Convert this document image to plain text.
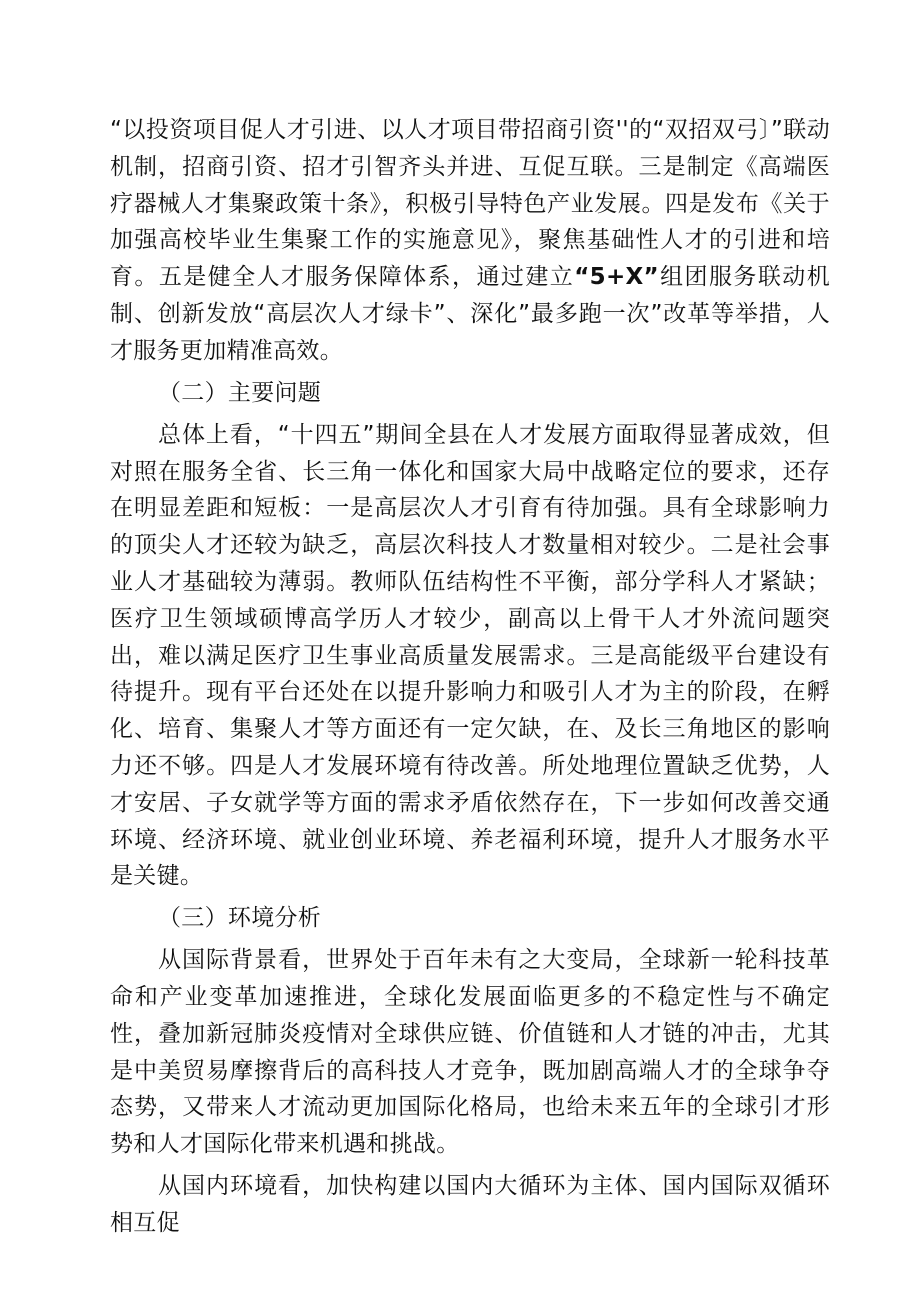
“以投资项目促人才引进、以人才项目带招商引资''的“双招双弓〕”联动机制，招商引资、招才引智齐头并进、互促互联。三是制定《高端医疗器械人才集聚政策十条》，积极引导特色产业发展。四是发布《关于加强高校毕业生集聚工作的实施意见》，聚焦基础性人才的引进和培育。五是健全人才服务保障体系，通过建立“5+X”组团服务联动机制、创新发放“高层次人才绿卡”、深化”最多跑一次”改革等举措，人才服务更加精准高效。

（二）主要问题

总体上看，“十四五”期间全县在人才发展方面取得显著成效，但对照在服务全省、长三角一体化和国家大局中战略定位的要求，还存在明显差距和短板：一是高层次人才引育有待加强。具有全球影响力的顶尖人才还较为缺乏，高层次科技人才数量相对较少。二是社会事业人才基础较为薄弱。教师队伍结构性不平衡，部分学科人才紧缺；医疗卫生领域硕博高学历人才较少，副高以上骨干人才外流问题突出，难以满足医疗卫生事业高质量发展需求。三是高能级平台建设有待提升。现有平台还处在以提升影响力和吸引人才为主的阶段，在孵化、培育、集聚人才等方面还有一定欠缺，在、及长三角地区的影响力还不够。四是人才发展环境有待改善。所处地理位置缺乏优势，人才安居、子女就学等方面的需求矛盾依然存在，下一步如何改善交通环境、经济环境、就业创业环境、养老福利环境，提升人才服务水平是关键。

（三）环境分析

从国际背景看，世界处于百年未有之大变局，全球新一轮科技革命和产业变革加速推进，全球化发展面临更多的不稳定性与不确定性，叠加新冠肺炎疫情对全球供应链、价值链和人才链的冲击，尤其是中美贸易摩擦背后的高科技人才竞争，既加剧高端人才的全球争夺态势，又带来人才流动更加国际化格局，也给未来五年的全球引才形势和人才国际化带来机遇和挑战。

从国内环境看，加快构建以国内大循环为主体、国内国际双循环相互促
